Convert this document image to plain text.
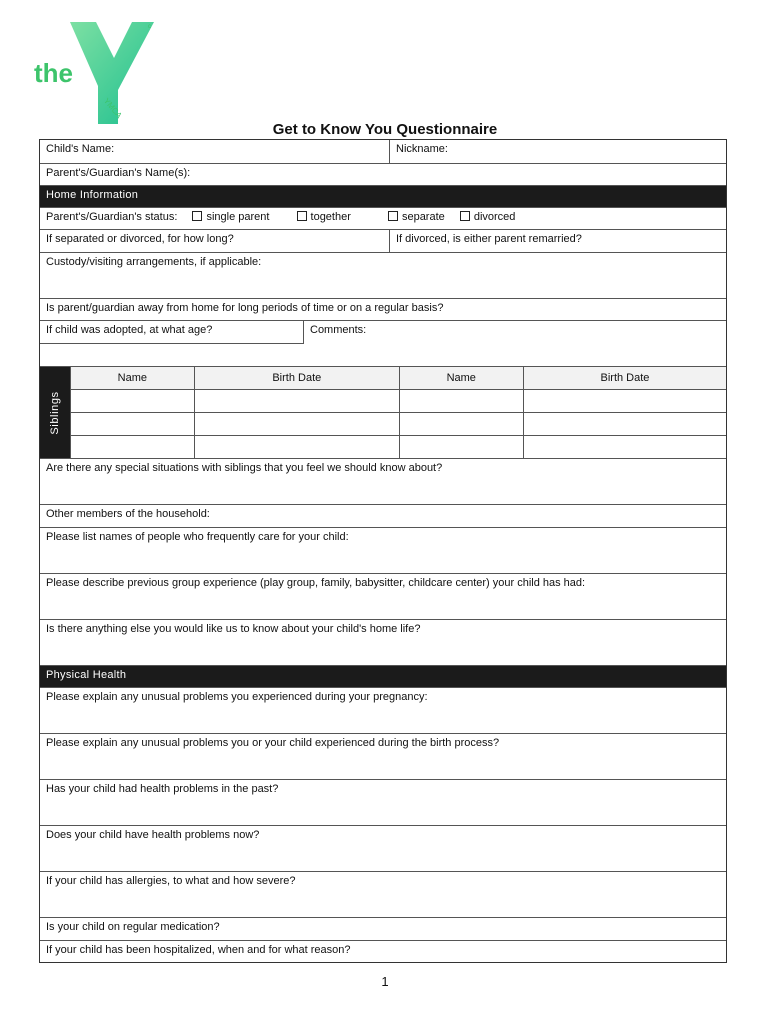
the
YMCA
c
Get to Know You Questionnaire
Child's Name:	Nickname:
Parent's/Guardian's Name(s):
Home Information
Parent's/Guardian's status:	single parent	together	separate	divorced
If separated or divorced, for how long?	If divorced, is either parent remarried?
Custody/visiting arrangements, if applicable:
Is parent/guardian away from home for long periods of time or on a regular basis?
If child was adopted, at what age?	Comments:
Siblings
Name	Birth Date	Name	Birth Date

Are there any special situations with siblings that you feel we should know about?
Other members of the household:
Please list names of people who frequently care for your child:
Please describe previous group experience (play group, family, babysitter, childcare center) your child has had:
Is there anything else you would like us to know about your child's home life?
Physical Health
Please explain any unusual problems you experienced during your pregnancy:
Please explain any unusual problems you or your child experienced during the birth process?
Has your child had health problems in the past?
Does your child have health problems now?
If your child has allergies, to what and how severe?
Is your child on regular medication?
If your child has been hospitalized, when and for what reason?
1
